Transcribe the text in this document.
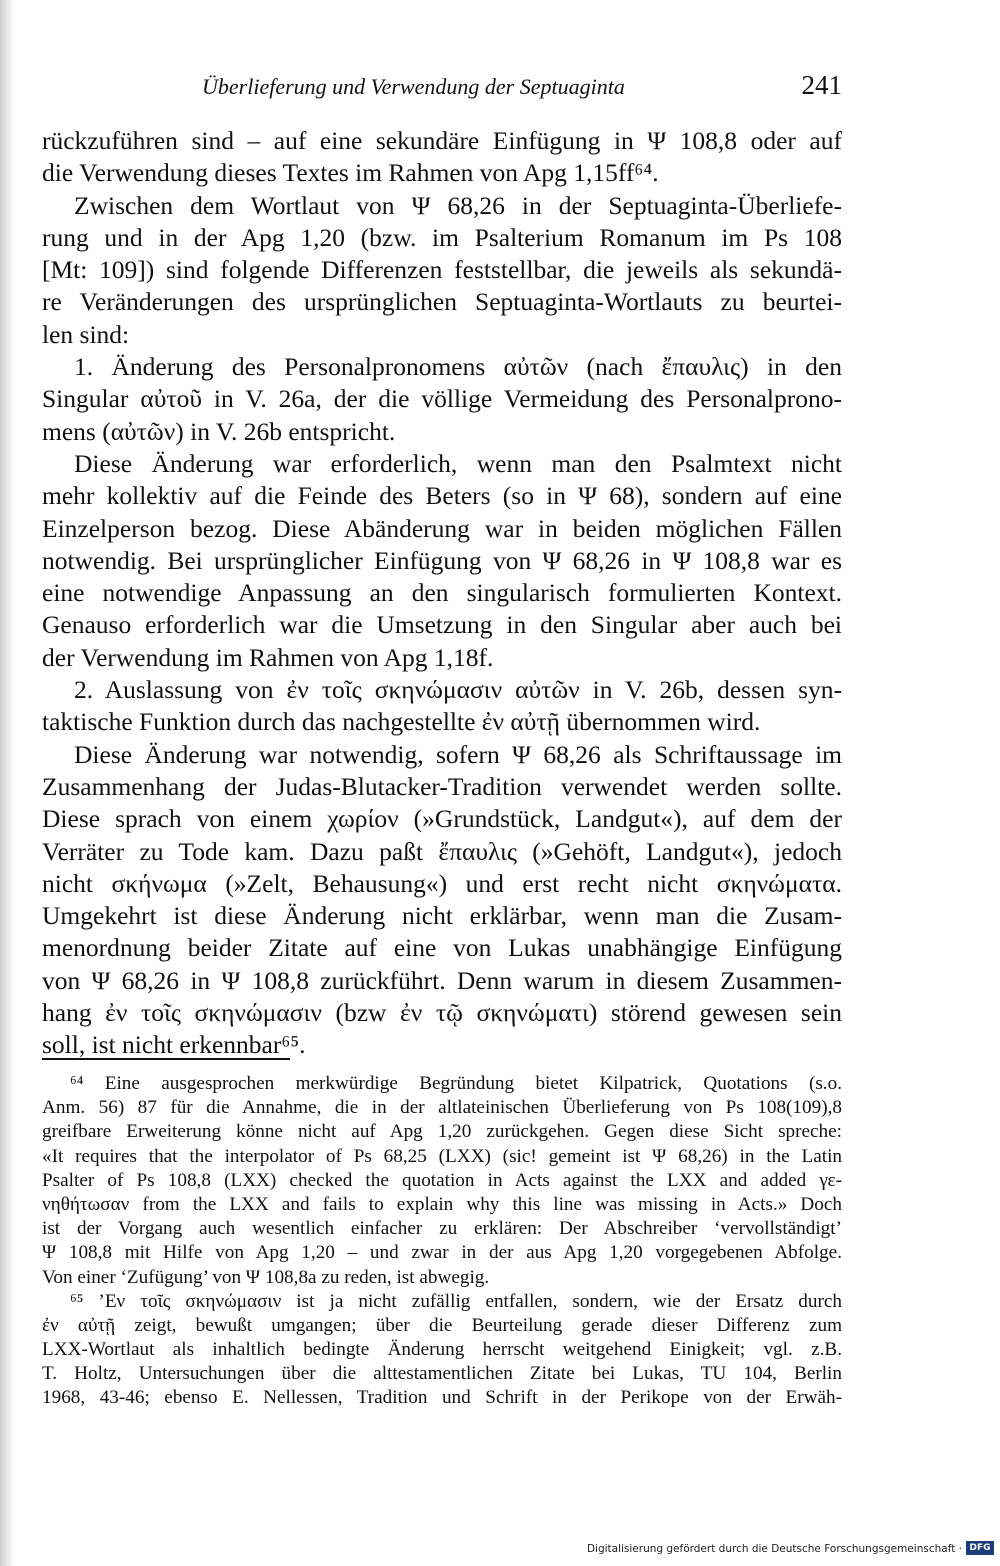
Überlieferung und Verwendung der Septuaginta	241
rückzuführen sind – auf eine sekundäre Einfügung in Ψ 108,8 oder auf
die Verwendung dieses Textes im Rahmen von Apg 1,15ff⁶⁴.
Zwischen dem Wortlaut von Ψ 68,26 in der Septuaginta-Überliefe-
rung und in der Apg 1,20 (bzw. im Psalterium Romanum im Ps 108
[Mt: 109]) sind folgende Differenzen feststellbar, die jeweils als sekundä-
re Veränderungen des ursprünglichen Septuaginta-Wortlauts zu beurtei-
len sind:
1. Änderung des Personalpronomens αὐτῶν (nach ἔπαυλις) in den
Singular αὐτοῦ in V. 26a, der die völlige Vermeidung des Personalprono-
mens (αὐτῶν) in V. 26b entspricht.
Diese Änderung war erforderlich, wenn man den Psalmtext nicht
mehr kollektiv auf die Feinde des Beters (so in Ψ 68), sondern auf eine
Einzelperson bezog. Diese Abänderung war in beiden möglichen Fällen
notwendig. Bei ursprünglicher Einfügung von Ψ 68,26 in Ψ 108,8 war es
eine notwendige Anpassung an den singularisch formulierten Kontext.
Genauso erforderlich war die Umsetzung in den Singular aber auch bei
der Verwendung im Rahmen von Apg 1,18f.
2. Auslassung von ἐν τοῖς σκηνώμασιν αὐτῶν in V. 26b, dessen syn-
taktische Funktion durch das nachgestellte ἐν αὐτῇ übernommen wird.
Diese Änderung war notwendig, sofern Ψ 68,26 als Schriftaussage im
Zusammenhang der Judas-Blutacker-Tradition verwendet werden sollte.
Diese sprach von einem χωρίον (»Grundstück, Landgut«), auf dem der
Verräter zu Tode kam. Dazu paßt ἔπαυλις (»Gehöft, Landgut«), jedoch
nicht σκήνωμα (»Zelt, Behausung«) und erst recht nicht σκηνώματα.
Umgekehrt ist diese Änderung nicht erklärbar, wenn man die Zusam-
menordnung beider Zitate auf eine von Lukas unabhängige Einfügung
von Ψ 68,26 in Ψ 108,8 zurückführt. Denn warum in diesem Zusammen-
hang ἐν τοῖς σκηνώμασιν (bzw ἐν τῷ σκηνώματι) störend gewesen sein
soll, ist nicht erkennbar⁶⁵.
⁶⁴ Eine ausgesprochen merkwürdige Begründung bietet Kilpatrick, Quotations (s.o.
Anm. 56) 87 für die Annahme, die in der altlateinischen Überlieferung von Ps 108(109),8
greifbare Erweiterung könne nicht auf Apg 1,20 zurückgehen. Gegen diese Sicht spreche:
«It requires that the interpolator of Ps 68,25 (LXX) (sic! gemeint ist Ψ 68,26) in the Latin
Psalter of Ps 108,8 (LXX) checked the quotation in Acts against the LXX and added γε-
νηθήτωσαν from the LXX and fails to explain why this line was missing in Acts.» Doch
ist der Vorgang auch wesentlich einfacher zu erklären: Der Abschreiber ‘vervollständigt’
Ψ 108,8 mit Hilfe von Apg 1,20 – und zwar in der aus Apg 1,20 vorgegebenen Abfolge.
Von einer ‘Zufügung’ von Ψ 108,8a zu reden, ist abwegig.
⁶⁵ ’Εν τοῖς σκηνώμασιν ist ja nicht zufällig entfallen, sondern, wie der Ersatz durch
ἐν αὐτῇ zeigt, bewußt umgangen; über die Beurteilung gerade dieser Differenz zum
LXX-Wortlaut als inhaltlich bedingte Änderung herrscht weitgehend Einigkeit; vgl. z.B.
T. Holtz, Untersuchungen über die alttestamentlichen Zitate bei Lukas, TU 104, Berlin
1968, 43-46; ebenso E. Nellessen, Tradition und Schrift in der Perikope von der Erwäh-
Digitalisierung gefördert durch die Deutsche Forschungsgemeinschaft · DFG
